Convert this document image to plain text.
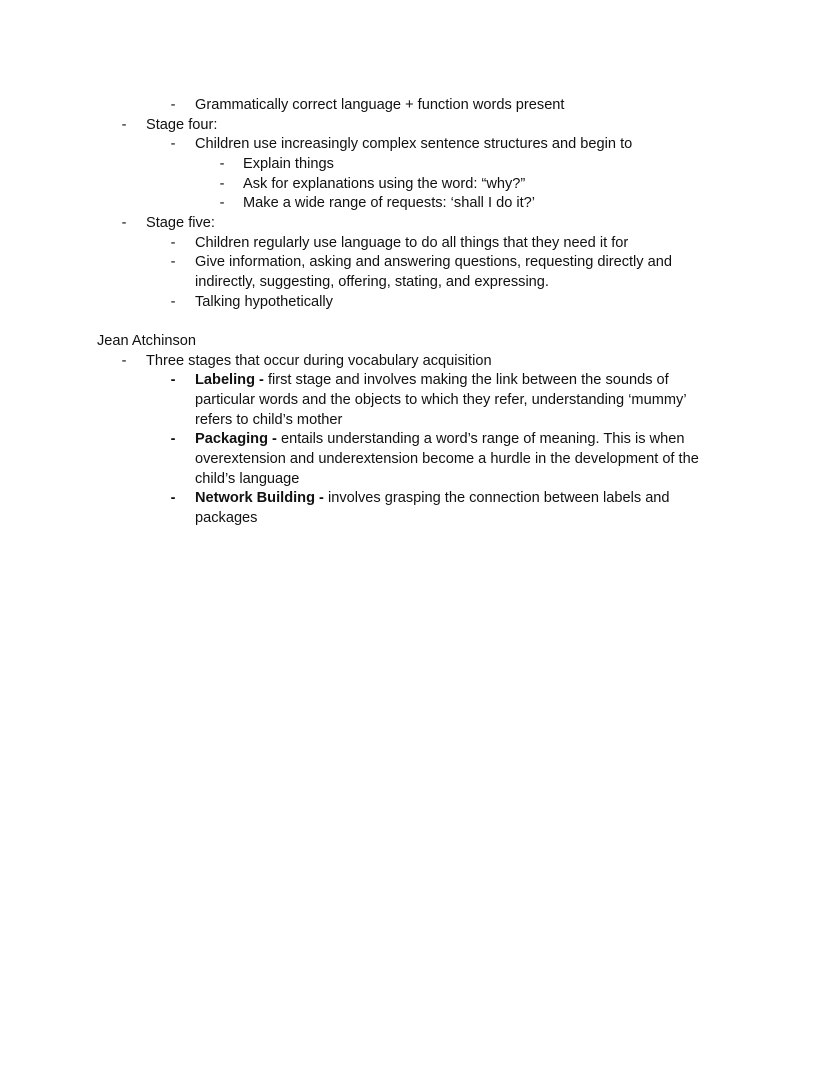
- Grammatically correct language + function words present
- Stage four:
- Children use increasingly complex sentence structures and begin to
- Explain things
- Ask for explanations using the word: “why?”
- Make a wide range of requests: ‘shall I do it?’
- Stage five:
- Children regularly use language to do all things that they need it for
- Give information, asking and answering questions, requesting directly and
indirectly, suggesting, offering, stating, and expressing.
- Talking hypothetically
Jean Atchinson
- Three stages that occur during vocabulary acquisition
- Labeling - first stage and involves making the link between the sounds of
particular words and the objects to which they refer, understanding ‘mummy’
refers to child’s mother
- Packaging - entails understanding a word’s range of meaning. This is when
overextension and underextension become a hurdle in the development of the
child’s language
- Network Building - involves grasping the connection between labels and
packages
